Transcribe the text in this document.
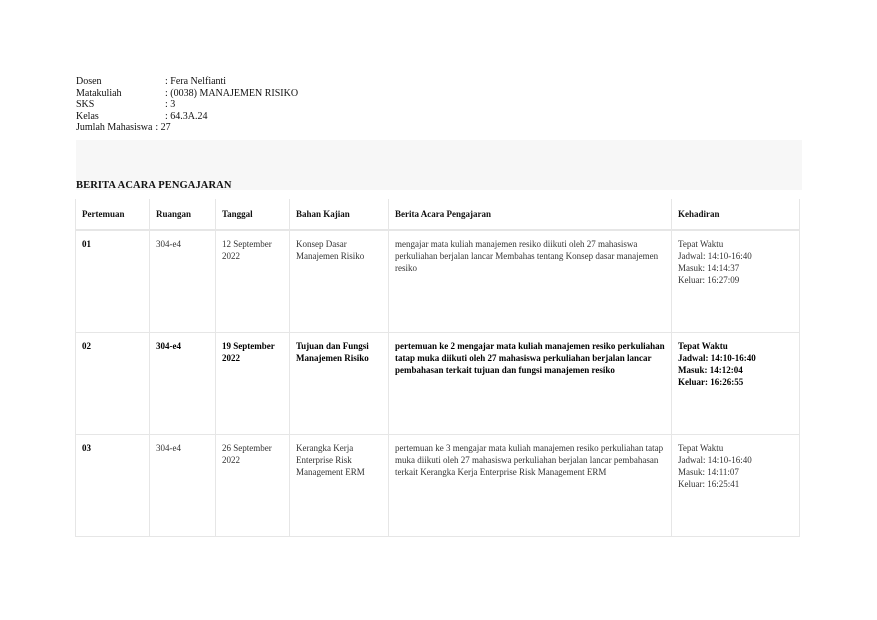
Dosen	: Fera Nelfianti
Matakuliah	: (0038) MANAJEMEN RISIKO
SKS	: 3
Kelas	: 64.3A.24
Jumlah Mahasiswa : 27
BERITA ACARA PENGAJARAN
Pertemuan	Ruangan	Tanggal	Bahan Kajian	Berita Acara Pengajaran	Kehadiran
01	304-e4	12 September 2022	Konsep Dasar Manajemen Risiko	mengajar mata kuliah manajemen resiko diikuti oleh 27 mahasiswa perkuliahan berjalan lancar Membahas tentang Konsep dasar manajemen resiko	Tepat Waktu
Jadwal: 14:10-16:40
Masuk: 14:14:37
Keluar: 16:27:09

02	304-e4	19 September 2022	Tujuan dan Fungsi Manajemen Risiko	pertemuan ke 2 mengajar mata kuliah manajemen resiko perkuliahan tatap muka diikuti oleh 27 mahasiswa perkuliahan berjalan lancar pembahasan terkait tujuan dan fungsi manajemen resiko	Tepat Waktu
Jadwal: 14:10-16:40
Masuk: 14:12:04
Keluar: 16:26:55

03	304-e4	26 September 2022	Kerangka Kerja Enterprise Risk Management ERM	pertemuan ke 3 mengajar mata kuliah manajemen resiko perkuliahan tatap muka diikuti oleh 27 mahasiswa perkuliahan berjalan lancar pembahasan terkait Kerangka Kerja Enterprise Risk Management ERM	Tepat Waktu
Jadwal: 14:10-16:40
Masuk: 14:11:07
Keluar: 16:25:41
